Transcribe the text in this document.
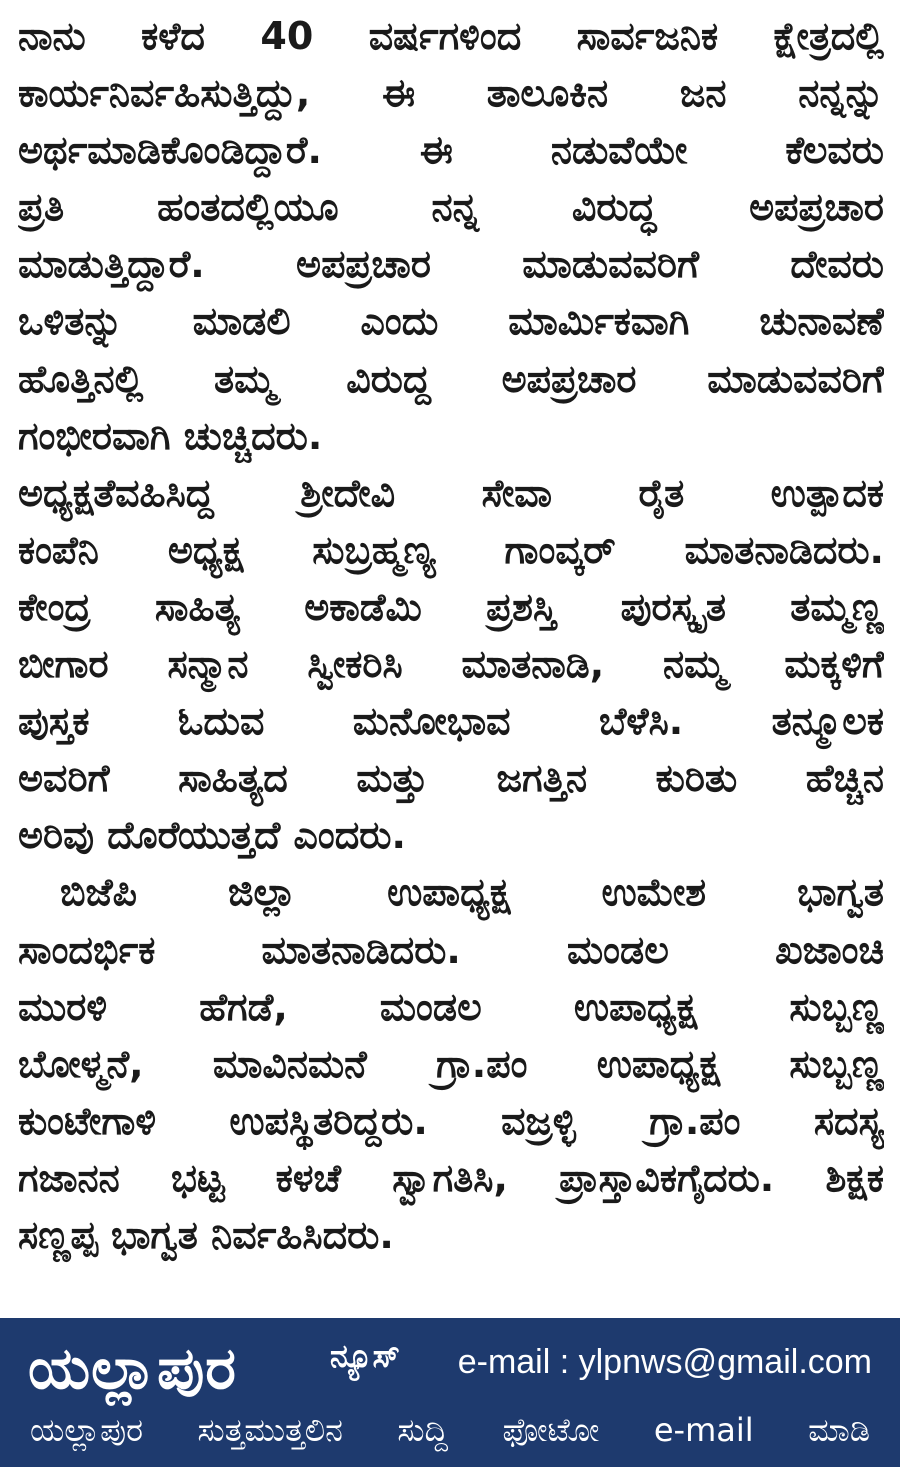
ನಾನು ಕಳೆದ 40 ವರ್ಷಗಳಿಂದ ಸಾರ್ವಜನಿಕ ಕ್ಷೇತ್ರದಲ್ಲಿ
ಕಾರ್ಯನಿರ್ವಹಿಸುತ್ತಿದ್ದು, ಈ ತಾಲೂಕಿನ ಜನ ನನ್ನನ್ನು
ಅರ್ಥಮಾಡಿಕೊಂಡಿದ್ದಾರೆ. ಈ ನಡುವೆಯೇ ಕೆಲವರು
ಪ್ರತಿ ಹಂತದಲ್ಲಿಯೂ ನನ್ನ ವಿರುದ್ಧ ಅಪಪ್ರಚಾರ
ಮಾಡುತ್ತಿದ್ದಾರೆ. ಅಪಪ್ರಚಾರ ಮಾಡುವವರಿಗೆ ದೇವರು
ಒಳಿತನ್ನು ಮಾಡಲಿ ಎಂದು ಮಾರ್ಮಿಕವಾಗಿ ಚುನಾವಣೆ
ಹೊತ್ತಿನಲ್ಲಿ ತಮ್ಮ ವಿರುದ್ದ ಅಪಪ್ರಚಾರ ಮಾಡುವವರಿಗೆ
ಗಂಭೀರವಾಗಿ ಚುಚ್ಚಿದರು.
ಅಧ್ಯಕ್ಷತೆವಹಿಸಿದ್ದ ಶ್ರೀದೇವಿ ಸೇವಾ ರೈತ ಉತ್ಪಾದಕ
ಕಂಪೆನಿ ಅಧ್ಯಕ್ಷ ಸುಬ್ರಹ್ಮಣ್ಯ ಗಾಂವ್ಕರ್ ಮಾತನಾಡಿದರು.
ಕೇಂದ್ರ ಸಾಹಿತ್ಯ ಅಕಾಡೆಮಿ ಪ್ರಶಸ್ತಿ ಪುರಸ್ಕೃತ ತಮ್ಮಣ್ಣ
ಬೀಗಾರ ಸನ್ಮಾನ ಸ್ವೀಕರಿಸಿ ಮಾತನಾಡಿ, ನಮ್ಮ ಮಕ್ಕಳಿಗೆ
ಪುಸ್ತಕ ಓದುವ ಮನೋಭಾವ ಬೆಳೆಸಿ. ತನ್ಮೂಲಕ
ಅವರಿಗೆ ಸಾಹಿತ್ಯದ ಮತ್ತು ಜಗತ್ತಿನ ಕುರಿತು ಹೆಚ್ಚಿನ
ಅರಿವು ದೊರೆಯುತ್ತದೆ ಎಂದರು.
ಬಿಜೆಪಿ ಜಿಲ್ಲಾ ಉಪಾಧ್ಯಕ್ಷ ಉಮೇಶ ಭಾಗ್ವತ
ಸಾಂದರ್ಭಿಕ ಮಾತನಾಡಿದರು. ಮಂಡಲ ಖಜಾಂಚಿ
ಮುರಳಿ ಹೆಗಡೆ, ಮಂಡಲ ಉಪಾಧ್ಯಕ್ಷ ಸುಬ್ಬಣ್ಣ
ಬೋಳ್ಮನೆ, ಮಾವಿನಮನೆ ಗ್ರಾ.ಪಂ ಉಪಾಧ್ಯಕ್ಷ ಸುಬ್ಬಣ್ಣ
ಕುಂಟೇಗಾಳಿ ಉಪಸ್ಥಿತರಿದ್ದರು. ವಜ್ರಳ್ಳಿ ಗ್ರಾ.ಪಂ ಸದಸ್ಯ
ಗಜಾನನ ಭಟ್ಟ ಕಳಚೆ ಸ್ವಾಗತಿಸಿ, ಪ್ರಾಸ್ತಾವಿಕಗೈದರು. ಶಿಕ್ಷಕ
ಸಣ್ಣಪ್ಪ ಭಾಗ್ವತ ನಿರ್ವಹಿಸಿದರು.
ಯಲ್ಲಾಪುರ	ನ್ಯೂಸ್ e-mail : ylpnws@gmail.com
ಯಲ್ಲಾಪುರ ಸುತ್ತಮುತ್ತಲಿನ ಸುದ್ದಿ ಫೋಟೋ e-mail ಮಾಡಿ
